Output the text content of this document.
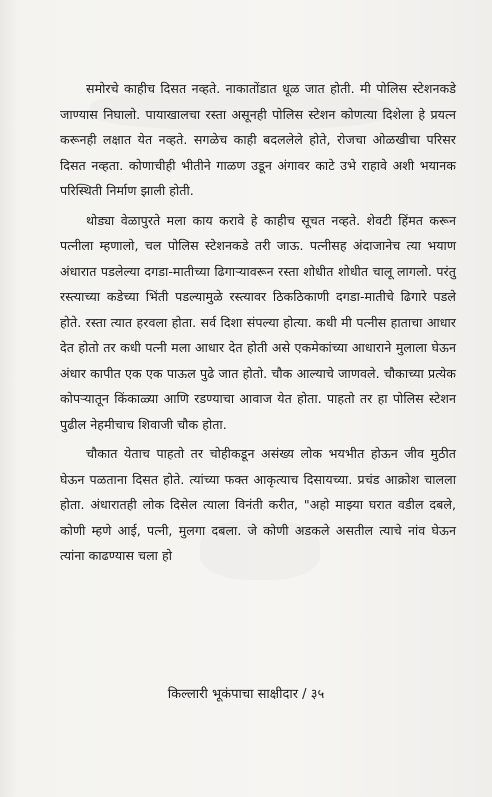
समोरचे काहीच दिसत नव्हते. नाकातोंडात धूळ जात होती. मी पोलिस स्टेशनकडे जाण्यास निघालो. पायाखालचा रस्ता असूनही पोलिस स्टेशन कोणत्या दिशेला हे प्रयत्न करूनही लक्षात येत नव्हते. सगळेच काही बदललेले होते, रोजचा ओळखीचा परिसर दिसत नव्हता. कोणाचीही भीतीने गाळण उडून अंगावर काटे उभे राहावे अशी भयानक परिस्थिती निर्माण झाली होती.

थोड्या वेळापुरते मला काय करावे हे काहीच सूचत नव्हते. शेवटी हिंमत करून पत्नीला म्हणालो, चल पोलिस स्टेशनकडे तरी जाऊ. पत्नीसह अंदाजानेच त्या भयाण अंधारात पडलेल्या दगडा-मातीच्या ढिगाऱ्यावरून रस्ता शोधीत शोधीत चालू लागलो. परंतु रस्त्याच्या कडेच्या भिंती पडल्यामुळे रस्त्यावर ठिकठिकाणी दगडा-मातीचे ढिगारे पडले होते. रस्ता त्यात हरवला होता. सर्व दिशा संपल्या होत्या. कधी मी पत्नीस हाताचा आधार देत होतो तर कधी पत्नी मला आधार देत होती असे एकमेकांच्या आधाराने मुलाला घेऊन अंधार कापीत एक एक पाऊल पुढे जात होतो. चौक आल्याचे जाणवले. चौकाच्या प्रत्येक कोपऱ्यातून किंकाळ्या आणि रडण्याचा आवाज येत होता. पाहतो तर हा पोलिस स्टेशन पुढील नेहमीचाच शिवाजी चौक होता.

चौकात येताच पाहतो तर चोहीकडून असंख्य लोक भयभीत होऊन जीव मुठीत घेऊन पळताना दिसत होते. त्यांच्या फक्त आकृत्याच दिसायच्या. प्रचंड आक्रोश चालला होता. अंधारातही लोक दिसेल त्याला विनंती करीत, "अहो माझ्या घरात वडील दबले, कोणी म्हणे आई, पत्नी, मुलगा दबला. जे कोणी अडकले असतील त्याचे नांव घेऊन त्यांना काढण्यास चला हो

किल्लारी भूकंपाचा साक्षीदार / ३५
